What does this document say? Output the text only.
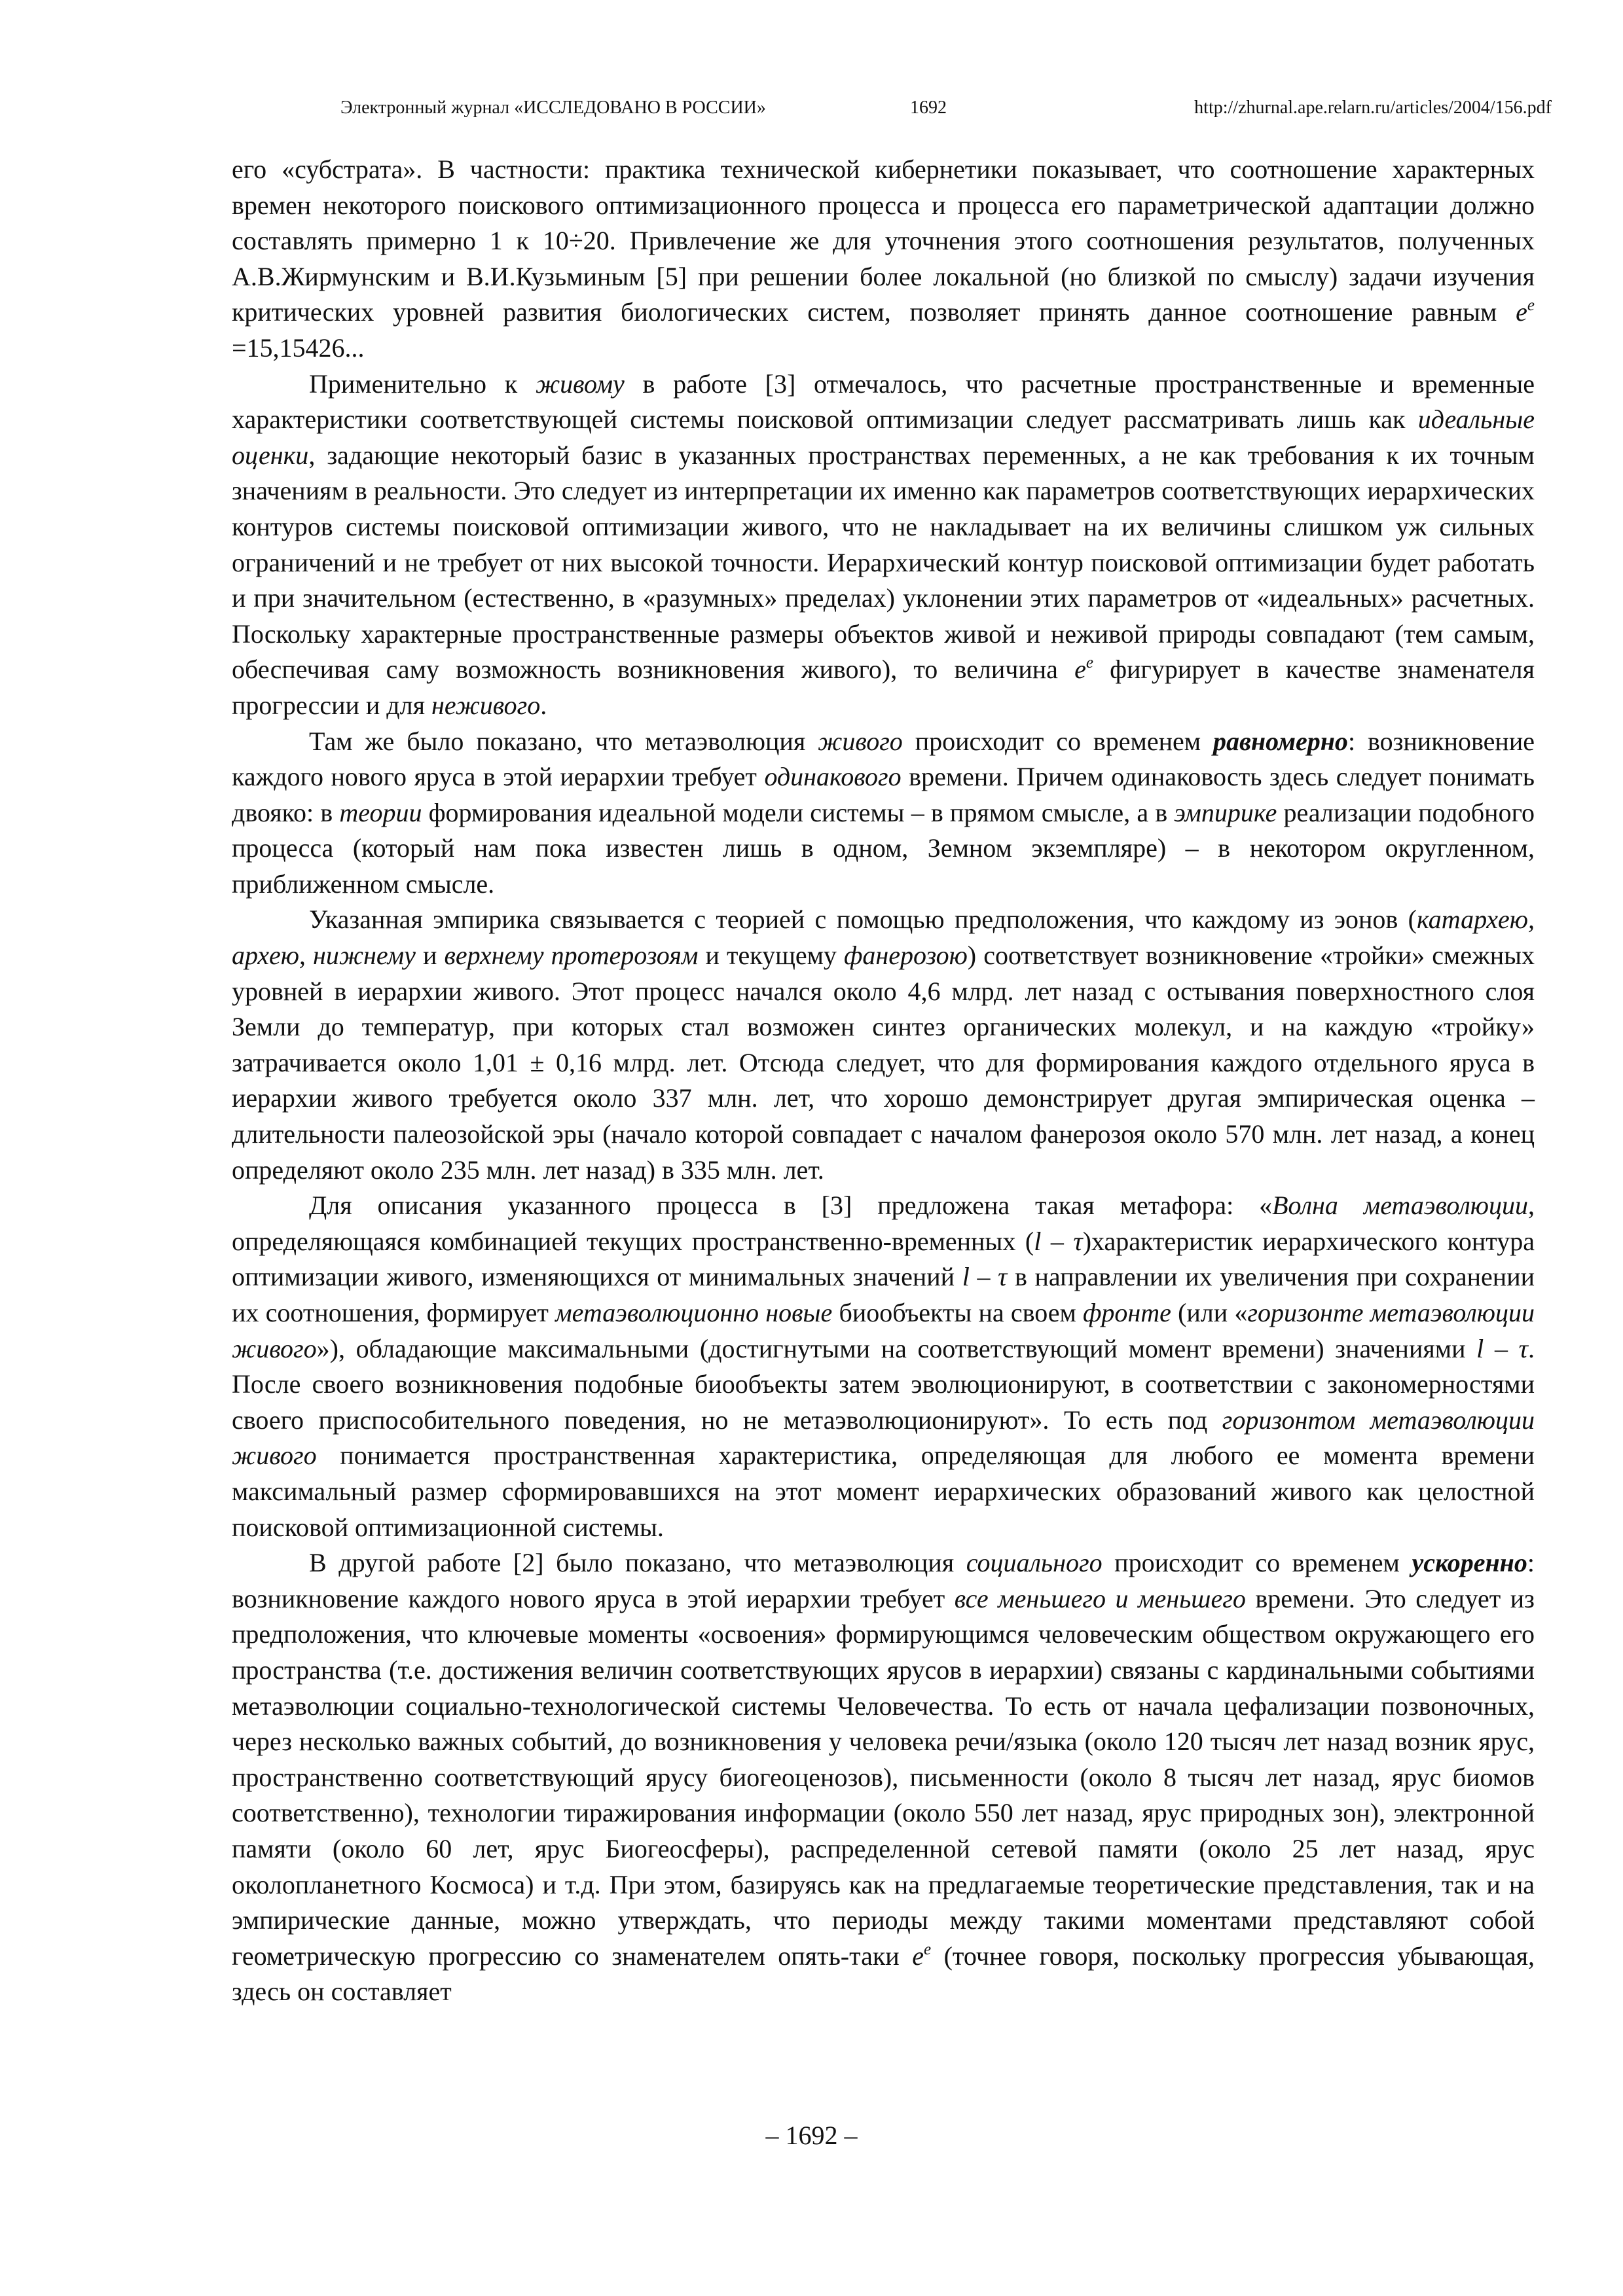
Электронный журнал «ИССЛЕДОВАНО В РОССИИ»	1692	http://zhurnal.ape.relarn.ru/articles/2004/156.pdf

его «субстрата». В частности: практика технической кибернетики показывает, что соотношение характерных времен некоторого поискового оптимизационного процесса и процесса его параметрической адаптации должно составлять примерно 1 к 10÷20. Привлечение же для уточнения этого соотношения результатов, полученных А.В.Жирмунским и В.И.Кузьминым [5] при решении более локальной (но близкой по смыслу) задачи изучения критических уровней развития биологических систем, позволяет принять данное соотношение равным $e^e =15,15426$...

Применительно к живому в работе [3] отмечалось, что расчетные пространственные и временные характеристики соответствующей системы поисковой оптимизации следует рассматривать лишь как идеальные оценки, задающие некоторый базис в указанных пространствах переменных, а не как требования к их точным значениям в реальности. Это следует из интерпретации их именно как параметров соответствующих иерархических контуров системы поисковой оптимизации живого, что не накладывает на их величины слишком уж сильных ограничений и не требует от них высокой точности. Иерархический контур поисковой оптимизации будет работать и при значительном (естественно, в «разумных» пределах) уклонении этих параметров от «идеальных» расчетных. Поскольку характерные пространственные размеры объектов живой и неживой природы совпадают (тем самым, обеспечивая саму возможность возникновения живого), то величина $e^e$ фигурирует в качестве знаменателя прогрессии и для неживого.

Там же было показано, что метаэволюция живого происходит со временем равномерно: возникновение каждого нового яруса в этой иерархии требует одинакового времени. Причем одинаковость здесь следует понимать двояко: в теории формирования идеальной модели системы – в прямом смысле, а в эмпирике реализации подобного процесса (который нам пока известен лишь в одном, Земном экземпляре) – в некотором округленном, приближенном смысле.

Указанная эмпирика связывается с теорией с помощью предположения, что каждому из эонов (катархею, архею, нижнему и верхнему протерозоям и текущему фанерозою) соответствует возникновение «тройки» смежных уровней в иерархии живого. Этот процесс начался около 4,6 млрд. лет назад с остывания поверхностного слоя Земли до температур, при которых стал возможен синтез органических молекул, и на каждую «тройку» затрачивается около 1,01 ± 0,16 млрд. лет. Отсюда следует, что для формирования каждого отдельного яруса в иерархии живого требуется около 337 млн. лет, что хорошо демонстрирует другая эмпирическая оценка – длительности палеозойской эры (начало которой совпадает с началом фанерозоя около 570 млн. лет назад, а конец определяют около 235 млн. лет назад) в 335 млн. лет.

Для описания указанного процесса в [3] предложена такая метафора: «Волна метаэволюции, определяющаяся комбинацией текущих пространственно-временных (l – τ)характеристик иерархического контура оптимизации живого, изменяющихся от минимальных значений l – τ в направлении их увеличения при сохранении их соотношения, формирует метаэволюционно новые биообъекты на своем фронте (или «горизонте метаэволюции живого»), обладающие максимальными (достигнутыми на соответствующий момент времени) значениями l – τ. После своего возникновения подобные биообъекты затем эволюционируют, в соответствии с закономерностями своего приспособительного поведения, но не метаэволюционируют». То есть под горизонтом метаэволюции живого понимается пространственная характеристика, определяющая для любого ее момента времени максимальный размер сформировавшихся на этот момент иерархических образований живого как целостной поисковой оптимизационной системы.

В другой работе [2] было показано, что метаэволюция социального происходит со временем ускоренно: возникновение каждого нового яруса в этой иерархии требует все меньшего и меньшего времени. Это следует из предположения, что ключевые моменты «освоения» формирующимся человеческим обществом окружающего его пространства (т.е. достижения величин соответствующих ярусов в иерархии) связаны с кардинальными событиями метаэволюции социально-технологической системы Человечества. То есть от начала цефализации позвоночных, через несколько важных событий, до возникновения у человека речи/языка (около 120 тысяч лет назад возник ярус, пространственно соответствующий ярусу биогеоценозов), письменности (около 8 тысяч лет назад, ярус биомов соответственно), технологии тиражирования информации (около 550 лет назад, ярус природных зон), электронной памяти (около 60 лет, ярус Биогеосферы), распределенной сетевой памяти (около 25 лет назад, ярус околопланетного Космоса) и т.д. При этом, базируясь как на предлагаемые теоретические представления, так и на эмпирические данные, можно утверждать, что периоды между такими моментами представляют собой геометрическую прогрессию со знаменателем опять-таки $e^e$ (точнее говоря, поскольку прогрессия убывающая, здесь он составляет

– 1692 –
